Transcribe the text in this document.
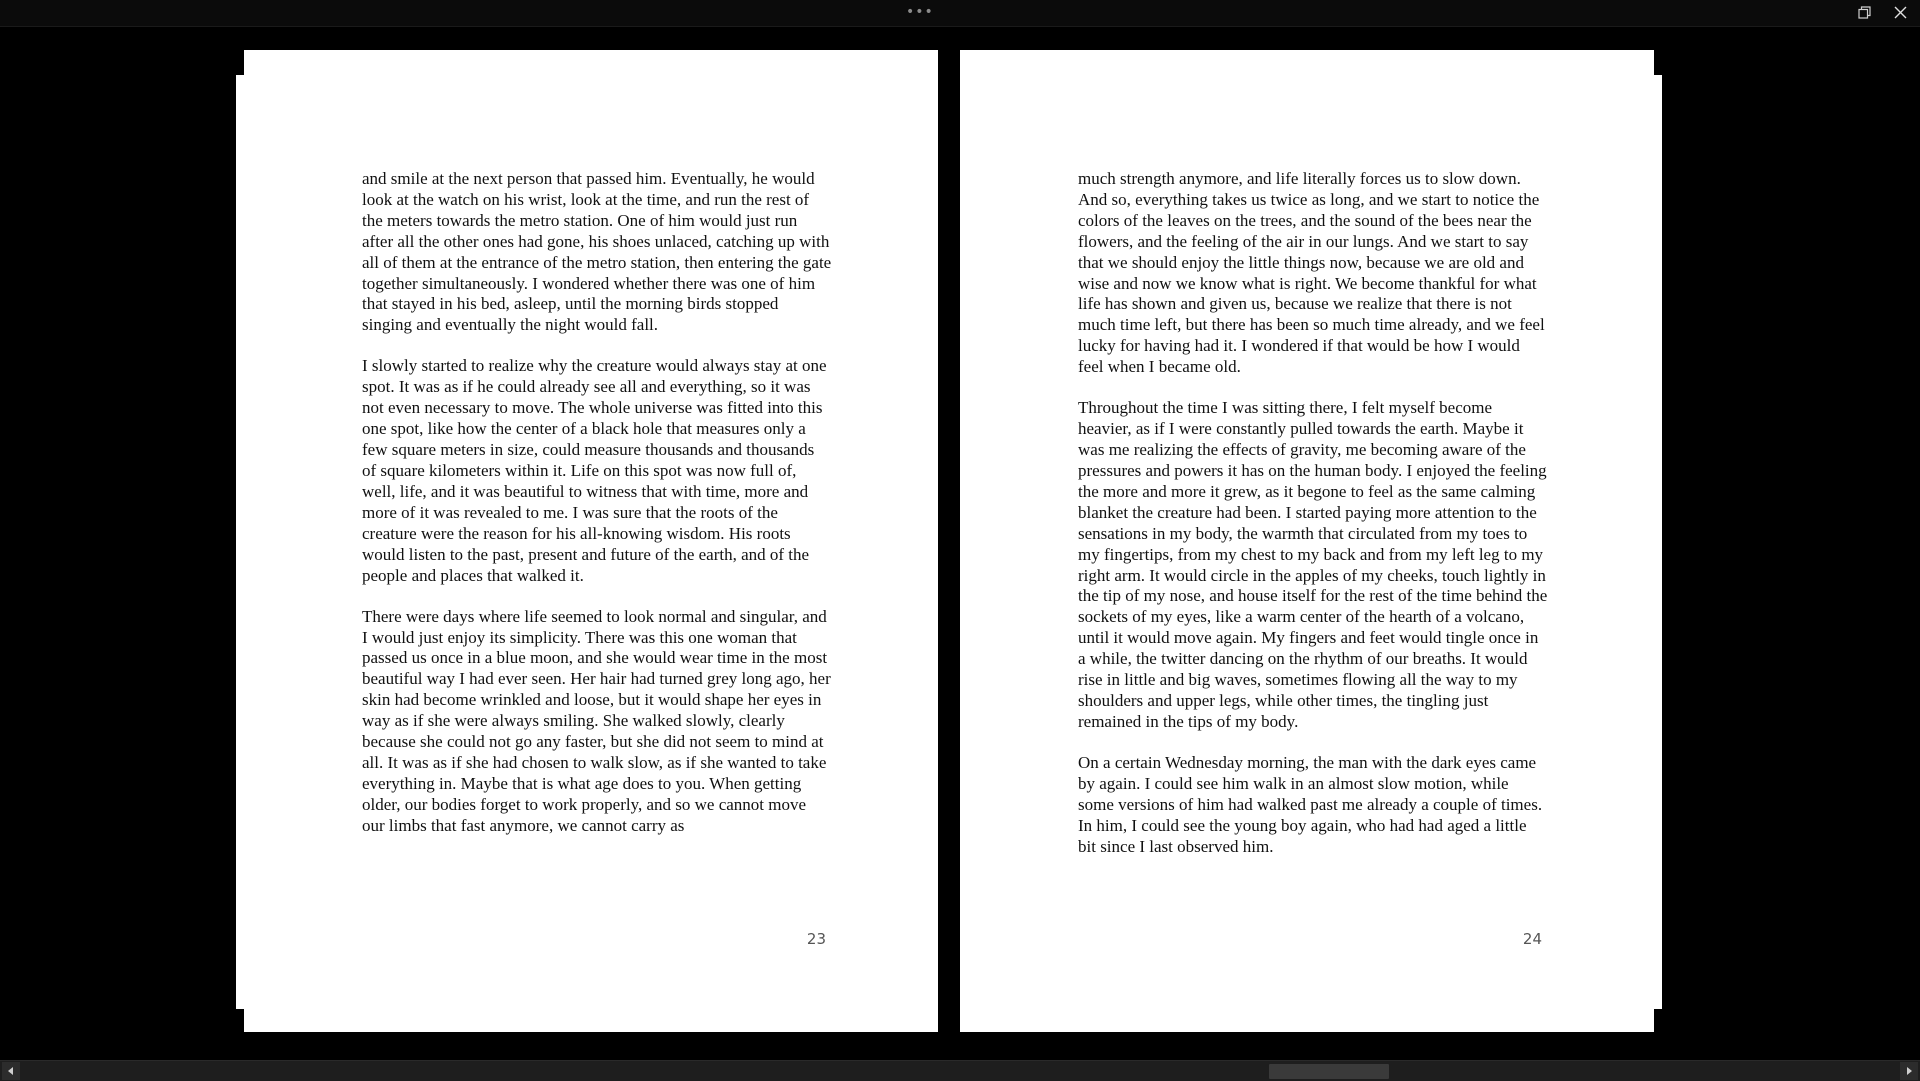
•••

and smile at the next person that passed him. Eventually, he would look at the watch on his wrist, look at the time, and run the rest of the meters towards the metro station. One of him would just run after all the other ones had gone, his shoes unlaced, catching up with all of them at the entrance of the metro station, then entering the gate together simultaneously. I wondered whether there was one of him that stayed in his bed, asleep, until the morning birds stopped singing and eventually the night would fall.

I slowly started to realize why the creature would always stay at one spot. It was as if he could already see all and everything, so it was not even necessary to move. The whole universe was fitted into this one spot, like how the center of a black hole that measures only a few square meters in size, could measure thousands and thousands of square kilometers within it. Life on this spot was now full of, well, life, and it was beautiful to witness that with time, more and more of it was revealed to me. I was sure that the roots of the creature were the reason for his all-knowing wisdom. His roots would listen to the past, present and future of the earth, and of the people and places that walked it.

There were days where life seemed to look normal and singular, and I would just enjoy its simplicity. There was this one woman that passed us once in a blue moon, and she would wear time in the most beautiful way I had ever seen. Her hair had turned grey long ago, her skin had become wrinkled and loose, but it would shape her eyes in way as if she were always smiling. She walked slowly, clearly because she could not go any faster, but she did not seem to mind at all. It was as if she had chosen to walk slow, as if she wanted to take everything in. Maybe that is what age does to you. When getting older, our bodies forget to work properly, and so we cannot move our limbs that fast anymore, we cannot carry as

23

much strength anymore, and life literally forces us to slow down. And so, everything takes us twice as long, and we start to notice the colors of the leaves on the trees, and the sound of the bees near the flowers, and the feeling of the air in our lungs. And we start to say that we should enjoy the little things now, because we are old and wise and now we know what is right. We become thankful for what life has shown and given us, because we realize that there is not much time left, but there has been so much time already, and we feel lucky for having had it. I wondered if that would be how I would feel when I became old.

Throughout the time I was sitting there, I felt myself become heavier, as if I were constantly pulled towards the earth. Maybe it was me realizing the effects of gravity, me becoming aware of the pressures and powers it has on the human body. I enjoyed the feeling the more and more it grew, as it begone to feel as the same calming blanket the creature had been. I started paying more attention to the sensations in my body, the warmth that circulated from my toes to my fingertips, from my chest to my back and from my left leg to my right arm. It would circle in the apples of my cheeks, touch lightly in the tip of my nose, and house itself for the rest of the time behind the sockets of my eyes, like a warm center of the hearth of a volcano, until it would move again. My fingers and feet would tingle once in a while, the twitter dancing on the rhythm of our breaths. It would rise in little and big waves, sometimes flowing all the way to my shoulders and upper legs, while other times, the tingling just remained in the tips of my body.

On a certain Wednesday morning, the man with the dark eyes came by again. I could see him walk in an almost slow motion, while some versions of him had walked past me already a couple of times. In him, I could see the young boy again, who had had aged a little bit since I last observed him.

24
